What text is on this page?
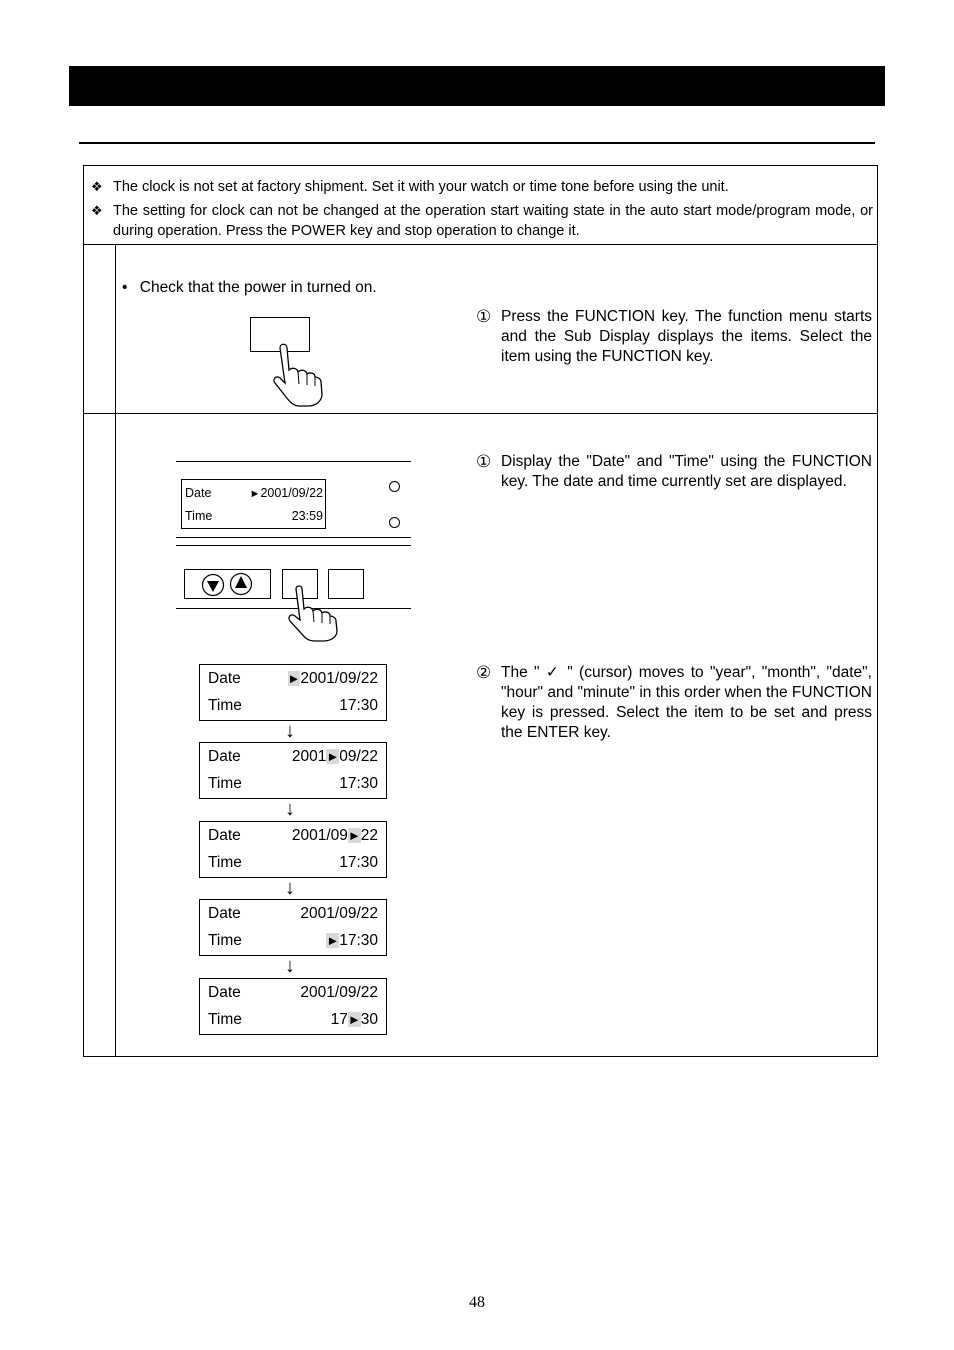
❖ The clock is not set at factory shipment. Set it with your watch or time tone before using the unit.
❖ The setting for clock can not be changed at the operation start waiting state in the auto start mode/program mode, or during operation. Press the POWER key and stop operation to change it.
• Check that the power in turned on.
① Press the FUNCTION key. The function menu starts and the Sub Display displays the items. Select the item using the FUNCTION key.
Date	►2001/09/22
Time	23:59
① Display the "Date" and "Time" using the FUNCTION key. The date and time currently set are displayed.
② The " ✓ " (cursor) moves to "year", "month", "date", "hour" and "minute" in this order when the FUNCTION key is pressed. Select the item to be set and press the ENTER key.
Date	►2001/09/22
Time	17:30
↓
Date	2001►09/22
Time	17:30
↓
Date	2001/09►22
Time	17:30
↓
Date	2001/09/22
Time	►17:30
↓
Date	2001/09/22
Time	17►30
48
